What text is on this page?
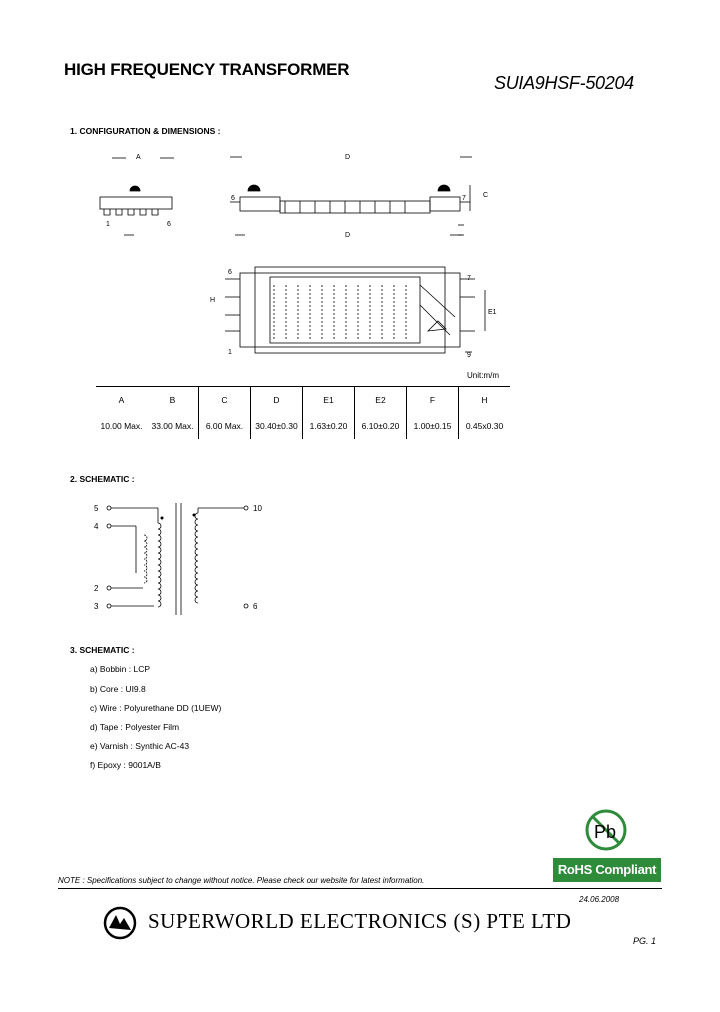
HIGH FREQUENCY TRANSFORMER
SUIA9HSF-50204
1. CONFIGURATION & DIMENSIONS :
A
1	6
D
C
D
6	7
H
E1
6
7
1	9
Unit:m/m
A	B	C	D	E1	E2	F	H
10.00 Max.	33.00 Max.	6.00 Max.	30.40±0.30	1.63±0.20	6.10±0.20	1.00±0.15	0.45x0.30
2. SCHEMATIC :
5
4
2
3
10
6
3. SCHEMATIC :
a) Bobbin : LCP
b) Core : UI9.8
c) Wire : Polyurethane DD (1UEW)
d) Tape : Polyester Film
e) Varnish : Synthic AC-43
f) Epoxy : 9001A/B
Pb
RoHS Compliant
NOTE : Specifications subject to change without notice. Please check our website for latest information.
24.06.2008
SUPERWORLD ELECTRONICS (S) PTE LTD
PG. 1
